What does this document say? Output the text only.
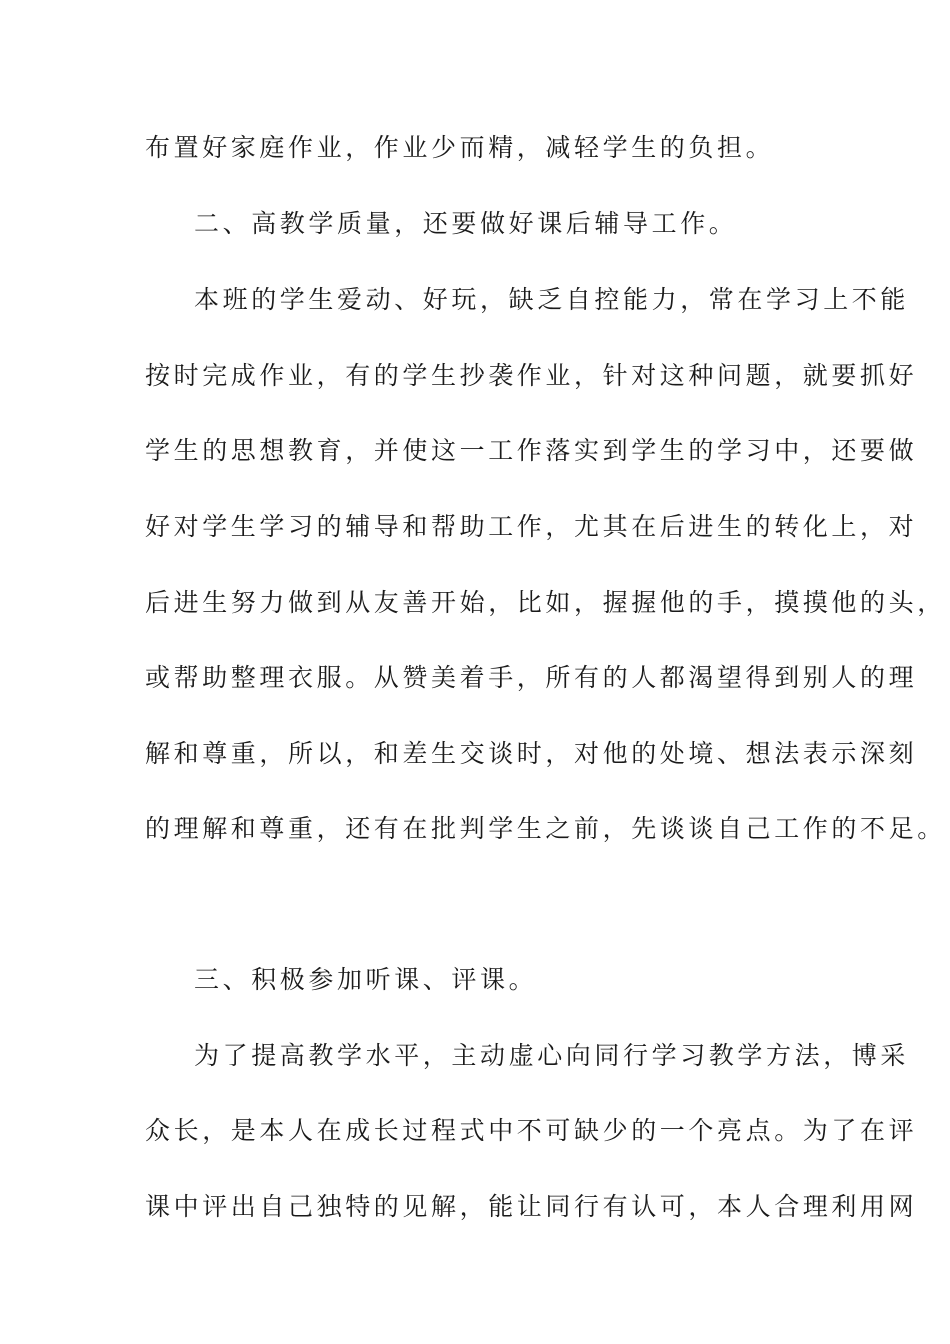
布置好家庭作业，作业少而精，减轻学生的负担。
二、高教学质量，还要做好课后辅导工作。
本班的学生爱动、好玩，缺乏自控能力，常在学习上不能
按时完成作业，有的学生抄袭作业，针对这种问题，就要抓好
学生的思想教育，并使这一工作落实到学生的学习中，还要做
好对学生学习的辅导和帮助工作，尤其在后进生的转化上，对
后进生努力做到从友善开始，比如，握握他的手，摸摸他的头，
或帮助整理衣服。从赞美着手，所有的人都渴望得到别人的理
解和尊重，所以，和差生交谈时，对他的处境、想法表示深刻
的理解和尊重，还有在批判学生之前，先谈谈自己工作的不足。
三、积极参加听课、评课。
为了提高教学水平，主动虚心向同行学习教学方法，博采
众长，是本人在成长过程式中不可缺少的一个亮点。为了在评
课中评出自己独特的见解，能让同行有认可，本人合理利用网
